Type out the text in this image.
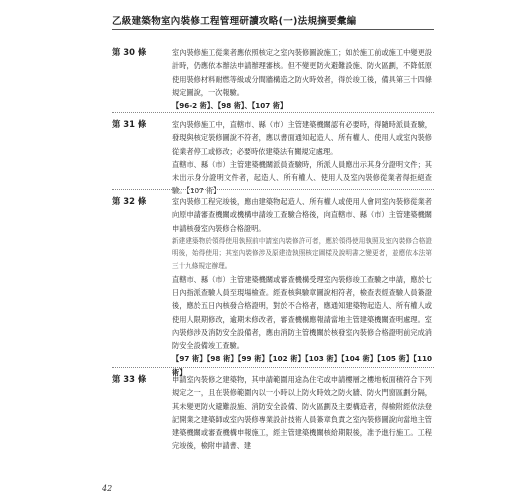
乙級建築物室內裝修工程管理研讀攻略(一)法規摘要彙編
第 30 條	室內裝修施工從業者應依照核定之室內裝修圖說施工；如於施工前或施工中變更設計時，仍應依本辦法申請辦理審核。但不變更防火避難設施、防火區劃，不降低原使用裝修材料耐燃等級或分間牆構造之防火時效者，得於竣工後，備具第三十四條規定圖說，一次報驗。

【96-2 術】、【98 術】、【107 術】

第 31 條	室內裝修施工中，直轄市、縣（市）主管建築機關認有必要時，得隨時派員查驗，發現與核定裝修圖說不符者，應以書面通知起造人、所有權人、使用人或室內裝修從業者停工或修改；必要時依建築法有關規定處理。

直轄市、縣（市）主管建築機關派員查驗時，所派人員應出示其身分證明文件；其未出示身分證明文件者，起造人、所有權人、使用人及室內裝修從業者得拒絕查驗。【107 術】

第 32 條	室內裝修工程完竣後，應由建築物起造人、所有權人或使用人會同室內裝修從業者向原申請審查機關或機構申請竣工查驗合格後，向直轄市、縣（市）主管建築機關申請核發室內裝修合格證明。

新建建築物於領得使用執照前申請室內裝修許可者，應於領得使用執照及室內裝修合格證明後，始得使用；其室內裝修涉及原建造執照核定圖樣及說明書之變更者，並應依本法第三十九條規定辦理。

直轄市、縣（市）主管建築機關或審查機構受理室內裝修竣工查驗之申請，應於七日內指派查驗人員至現場檢查。經查核與驗章圖說相符者，檢查表經查驗人員簽證後，應於五日內核發合格證明，對於不合格者，應通知建築物起造人、所有權人或使用人限期修改，逾期未修改者，審查機構應報請當地主管建築機關查明處理。室內裝修涉及消防安全設備者，應由消防主管機關於核發室內裝修合格證明前完成消防安全設備竣工查驗。

【97 術】【98 術】【99 術】【102 術】【103 術】【104 術】【105 術】【110 術】

第 33 條	申請室內裝修之建築物，其申請範圍用途為住宅或申請樓層之樓地板面積符合下列規定之一，且在裝修範圍內以一小時以上防火時效之防火牆、防火門窗區劃分隔，其未變更防火避難設施、消防安全設備、防火區劃及主要構造者，得檢附經依法登記開業之建築師或室內裝修專業設計技術人員簽章負責之室內裝修圖說向當地主管建築機關或審查機構申報施工，經主管建築機關核給期限後，准予進行施工。工程完竣後，檢附申請書、建

42
